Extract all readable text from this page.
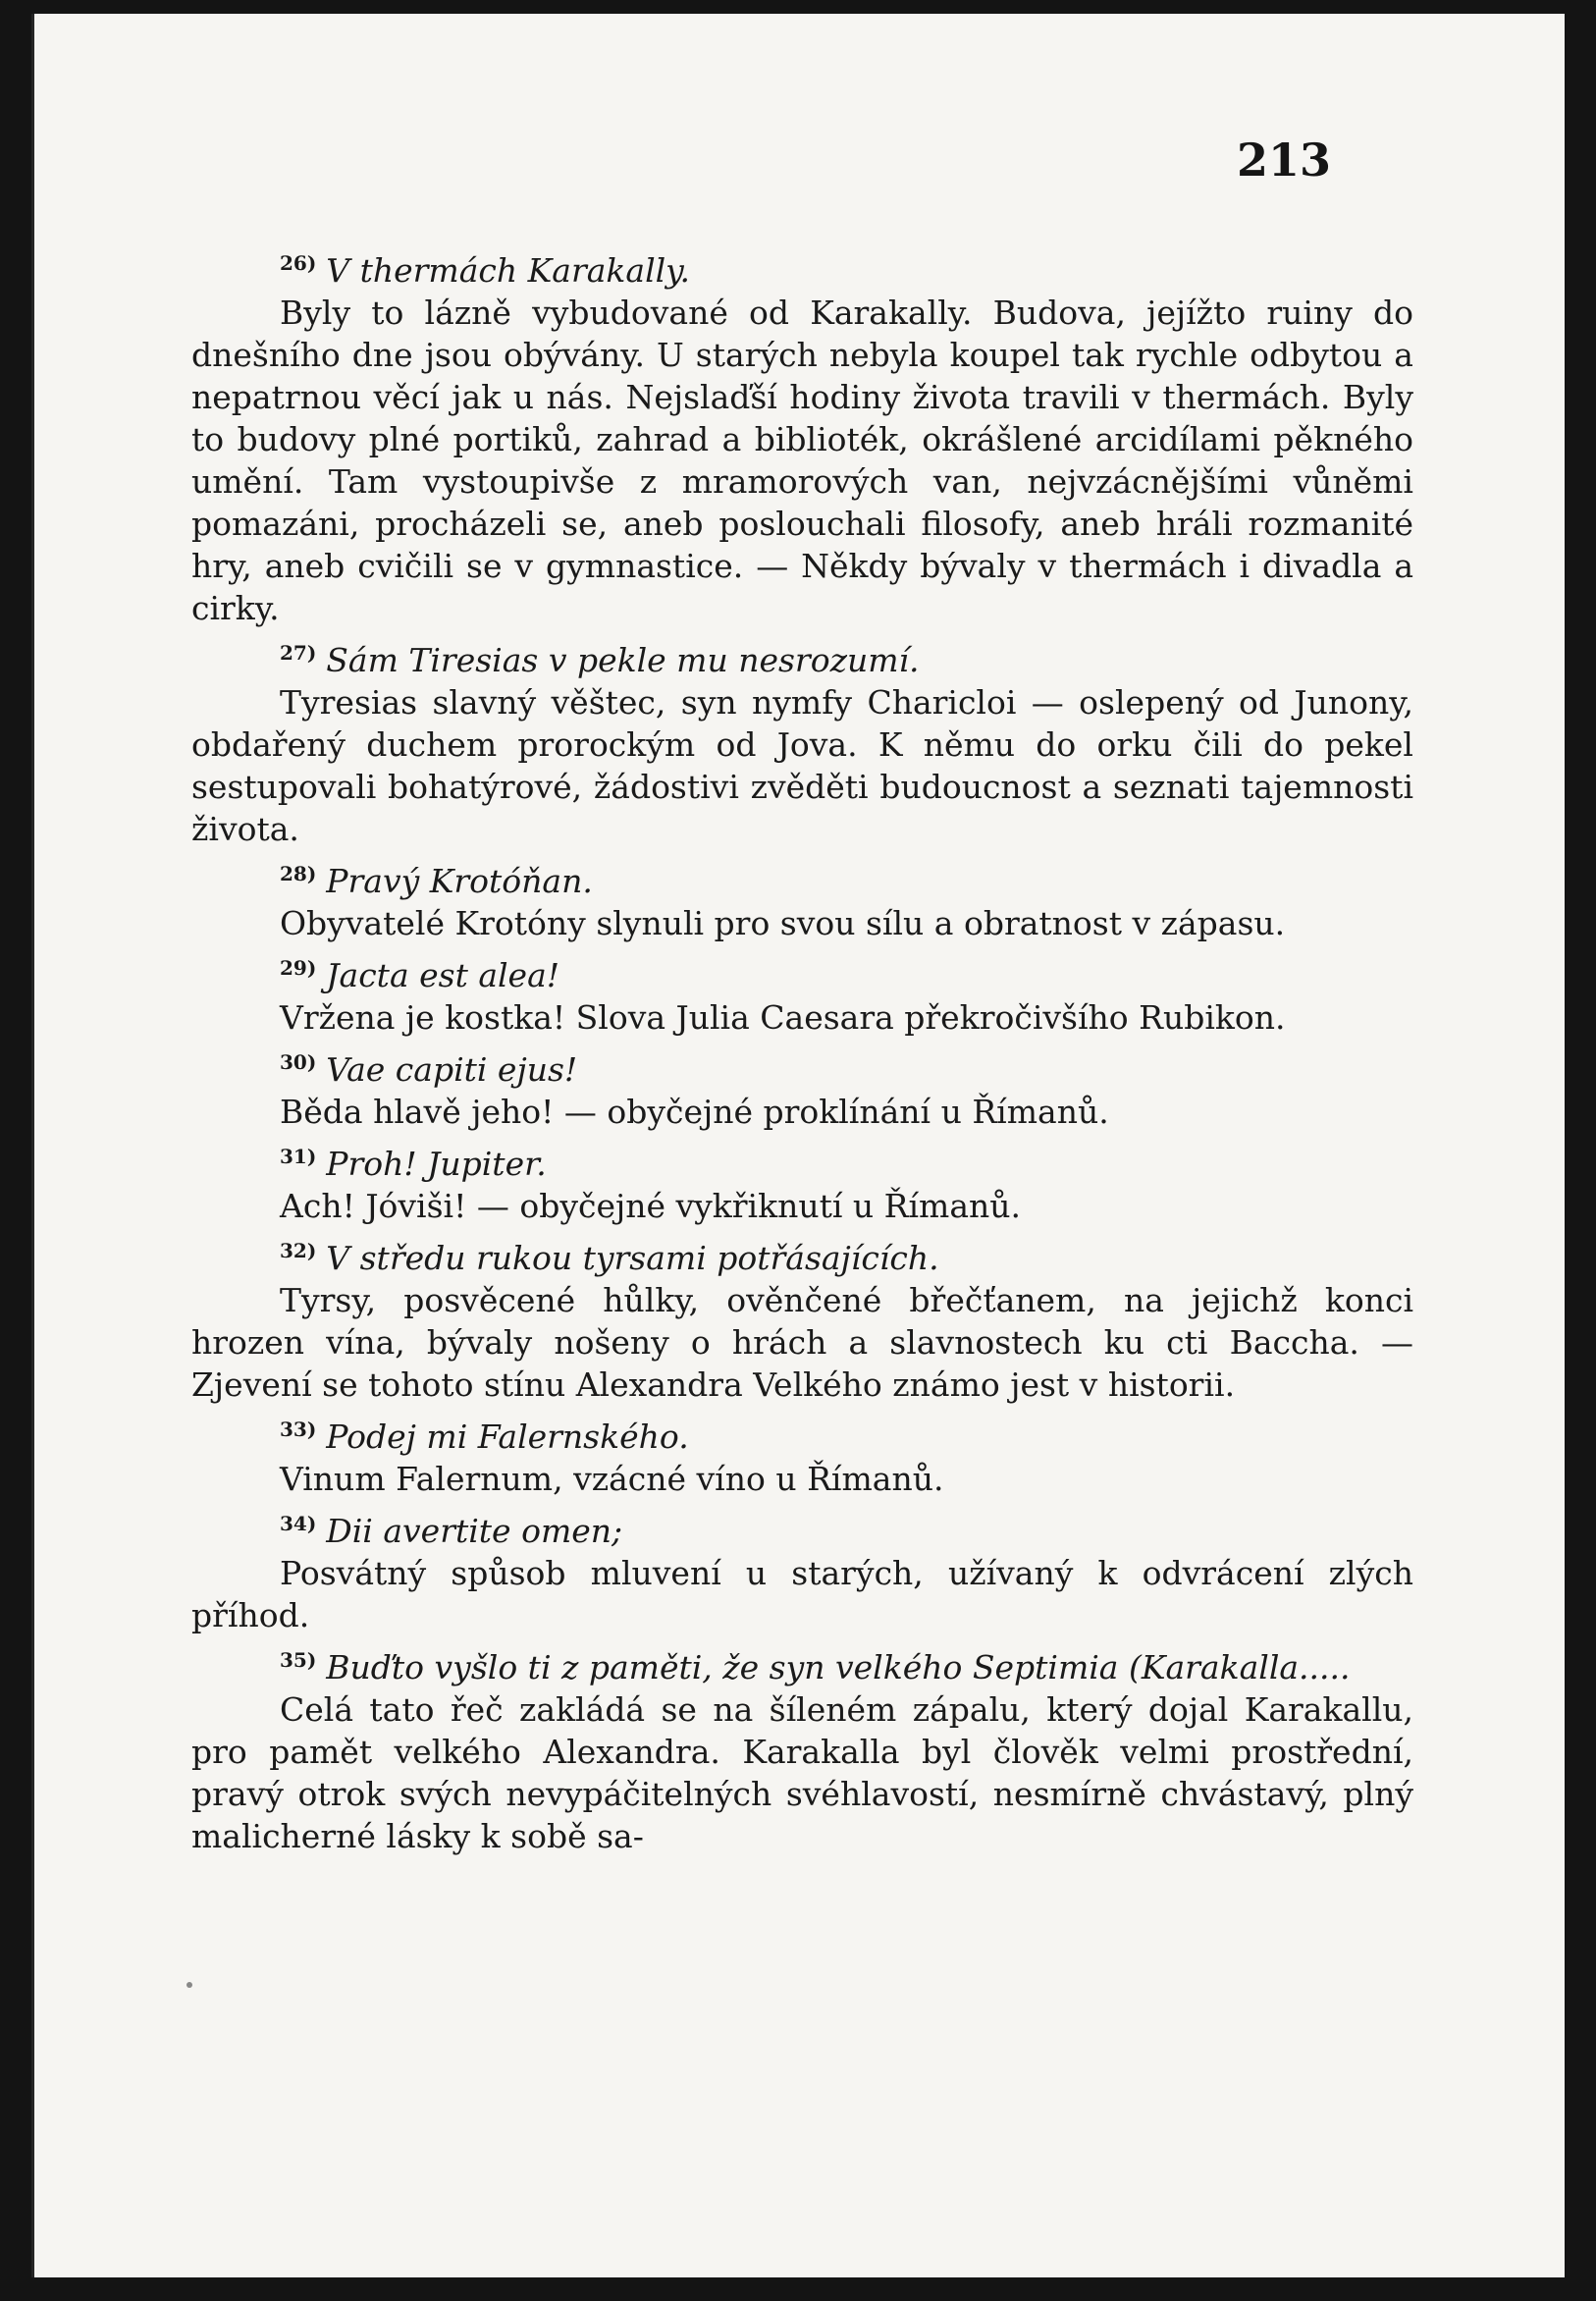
213
$^{26)}$ V thermách Karakally.

Byly to lázně vybudované od Karakally. Budova, jejížto ruiny do dnešního dne jsou obývány. U starých nebyla koupel tak rychle odbytou a nepatrnou věcí jak u nás. Nejslaďší hodiny života travili v thermách. Byly to budovy plné portiků, zahrad a biblioték, okrášlené arcidílami pěkného umění. Tam vystoupivše z mramorových van, nejvzácnějšími vůněmi pomazáni, procházeli se, aneb poslouchali filosofy, aneb hráli rozmanité hry, aneb cvičili se v gymnastice. — Někdy bývaly v thermách i divadla a cirky.

$^{27)}$ Sám Tiresias v pekle mu nesrozumí.

Tyresias slavný věštec, syn nymfy Charicloi — oslepený od Junony, obdařený duchem prorockým od Jova. K němu do orku čili do pekel sestupovali bohatýrové, žádostivi zvěděti budoucnost a seznati tajemnosti života.

$^{28)}$ Pravý Krotóňan.

Obyvatelé Krotóny slynuli pro svou sílu a obratnost v zápasu.

$^{29)}$ Jacta est alea!

Vržena je kostka! Slova Julia Caesara překročivšího Rubikon.

$^{30)}$ Vae capiti ejus!

Běda hlavě jeho! — obyčejné proklínání u Římanů.

$^{31)}$ Proh! Jupiter.

Ach! Jóviši! — obyčejné vykřiknutí u Římanů.

$^{32)}$ V středu rukou tyrsami potřásajících.

Tyrsy, posvěcené hůlky, ověnčené břečťanem, na jejichž konci hrozen vína, bývaly nošeny o hrách a slavnostech ku cti Baccha. — Zjevení se tohoto stínu Alexandra Velkého známo jest v historii.

$^{33)}$ Podej mi Falernského.

Vinum Falernum, vzácné víno u Římanů.

$^{34)}$ Dii avertite omen;

Posvátný spůsob mluvení u starých, užívaný k odvrácení zlých příhod.

$^{35)}$ Buďto vyšlo ti z paměti, že syn velkého Septimia (Karakalla.....

Celá tato řeč zakládá se na šíleném zápalu, který dojal Karakallu, pro pamět velkého Alexandra. Karakalla byl člověk velmi prostřední, pravý otrok svých nevypáčitelných svéhlavostí, nesmírně chvástavý, plný malicherné lásky k sobě sa-
